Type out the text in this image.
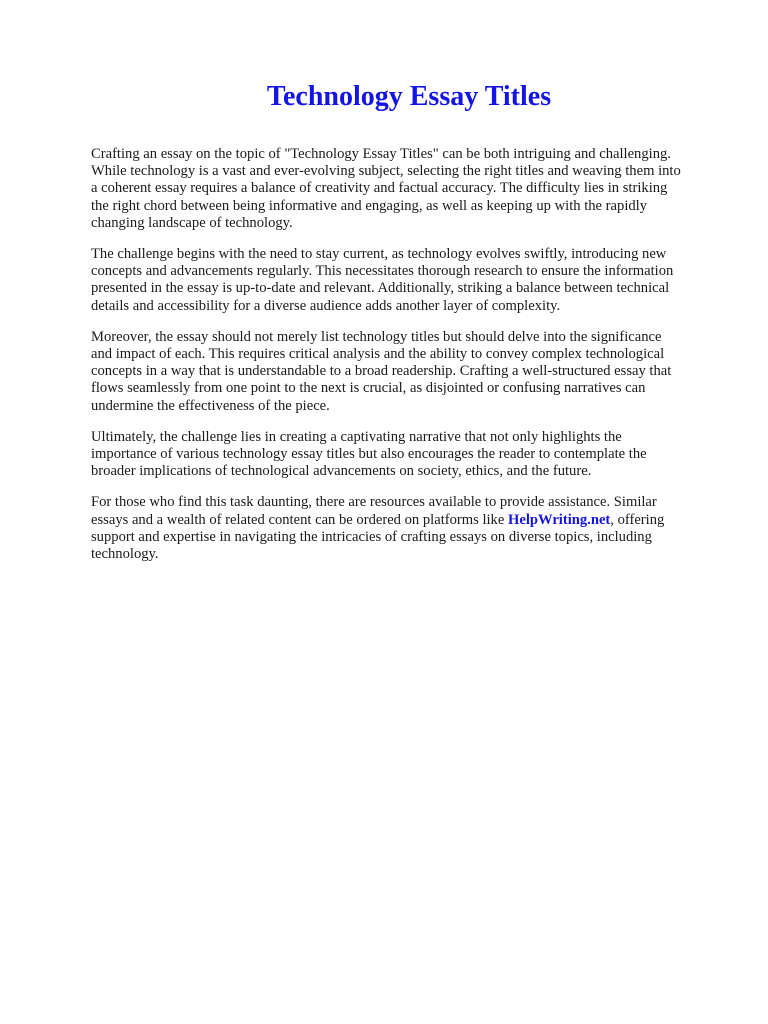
Technology Essay Titles

Crafting an essay on the topic of "Technology Essay Titles" can be both intriguing and challenging.
While technology is a vast and ever-evolving subject, selecting the right titles and weaving them into
a coherent essay requires a balance of creativity and factual accuracy. The difficulty lies in striking
the right chord between being informative and engaging, as well as keeping up with the rapidly
changing landscape of technology.

The challenge begins with the need to stay current, as technology evolves swiftly, introducing new
concepts and advancements regularly. This necessitates thorough research to ensure the information
presented in the essay is up-to-date and relevant. Additionally, striking a balance between technical
details and accessibility for a diverse audience adds another layer of complexity.

Moreover, the essay should not merely list technology titles but should delve into the significance
and impact of each. This requires critical analysis and the ability to convey complex technological
concepts in a way that is understandable to a broad readership. Crafting a well-structured essay that
flows seamlessly from one point to the next is crucial, as disjointed or confusing narratives can
undermine the effectiveness of the piece.

Ultimately, the challenge lies in creating a captivating narrative that not only highlights the
importance of various technology essay titles but also encourages the reader to contemplate the
broader implications of technological advancements on society, ethics, and the future.

For those who find this task daunting, there are resources available to provide assistance. Similar
essays and a wealth of related content can be ordered on platforms like HelpWriting.net, offering
support and expertise in navigating the intricacies of crafting essays on diverse topics, including
technology.
